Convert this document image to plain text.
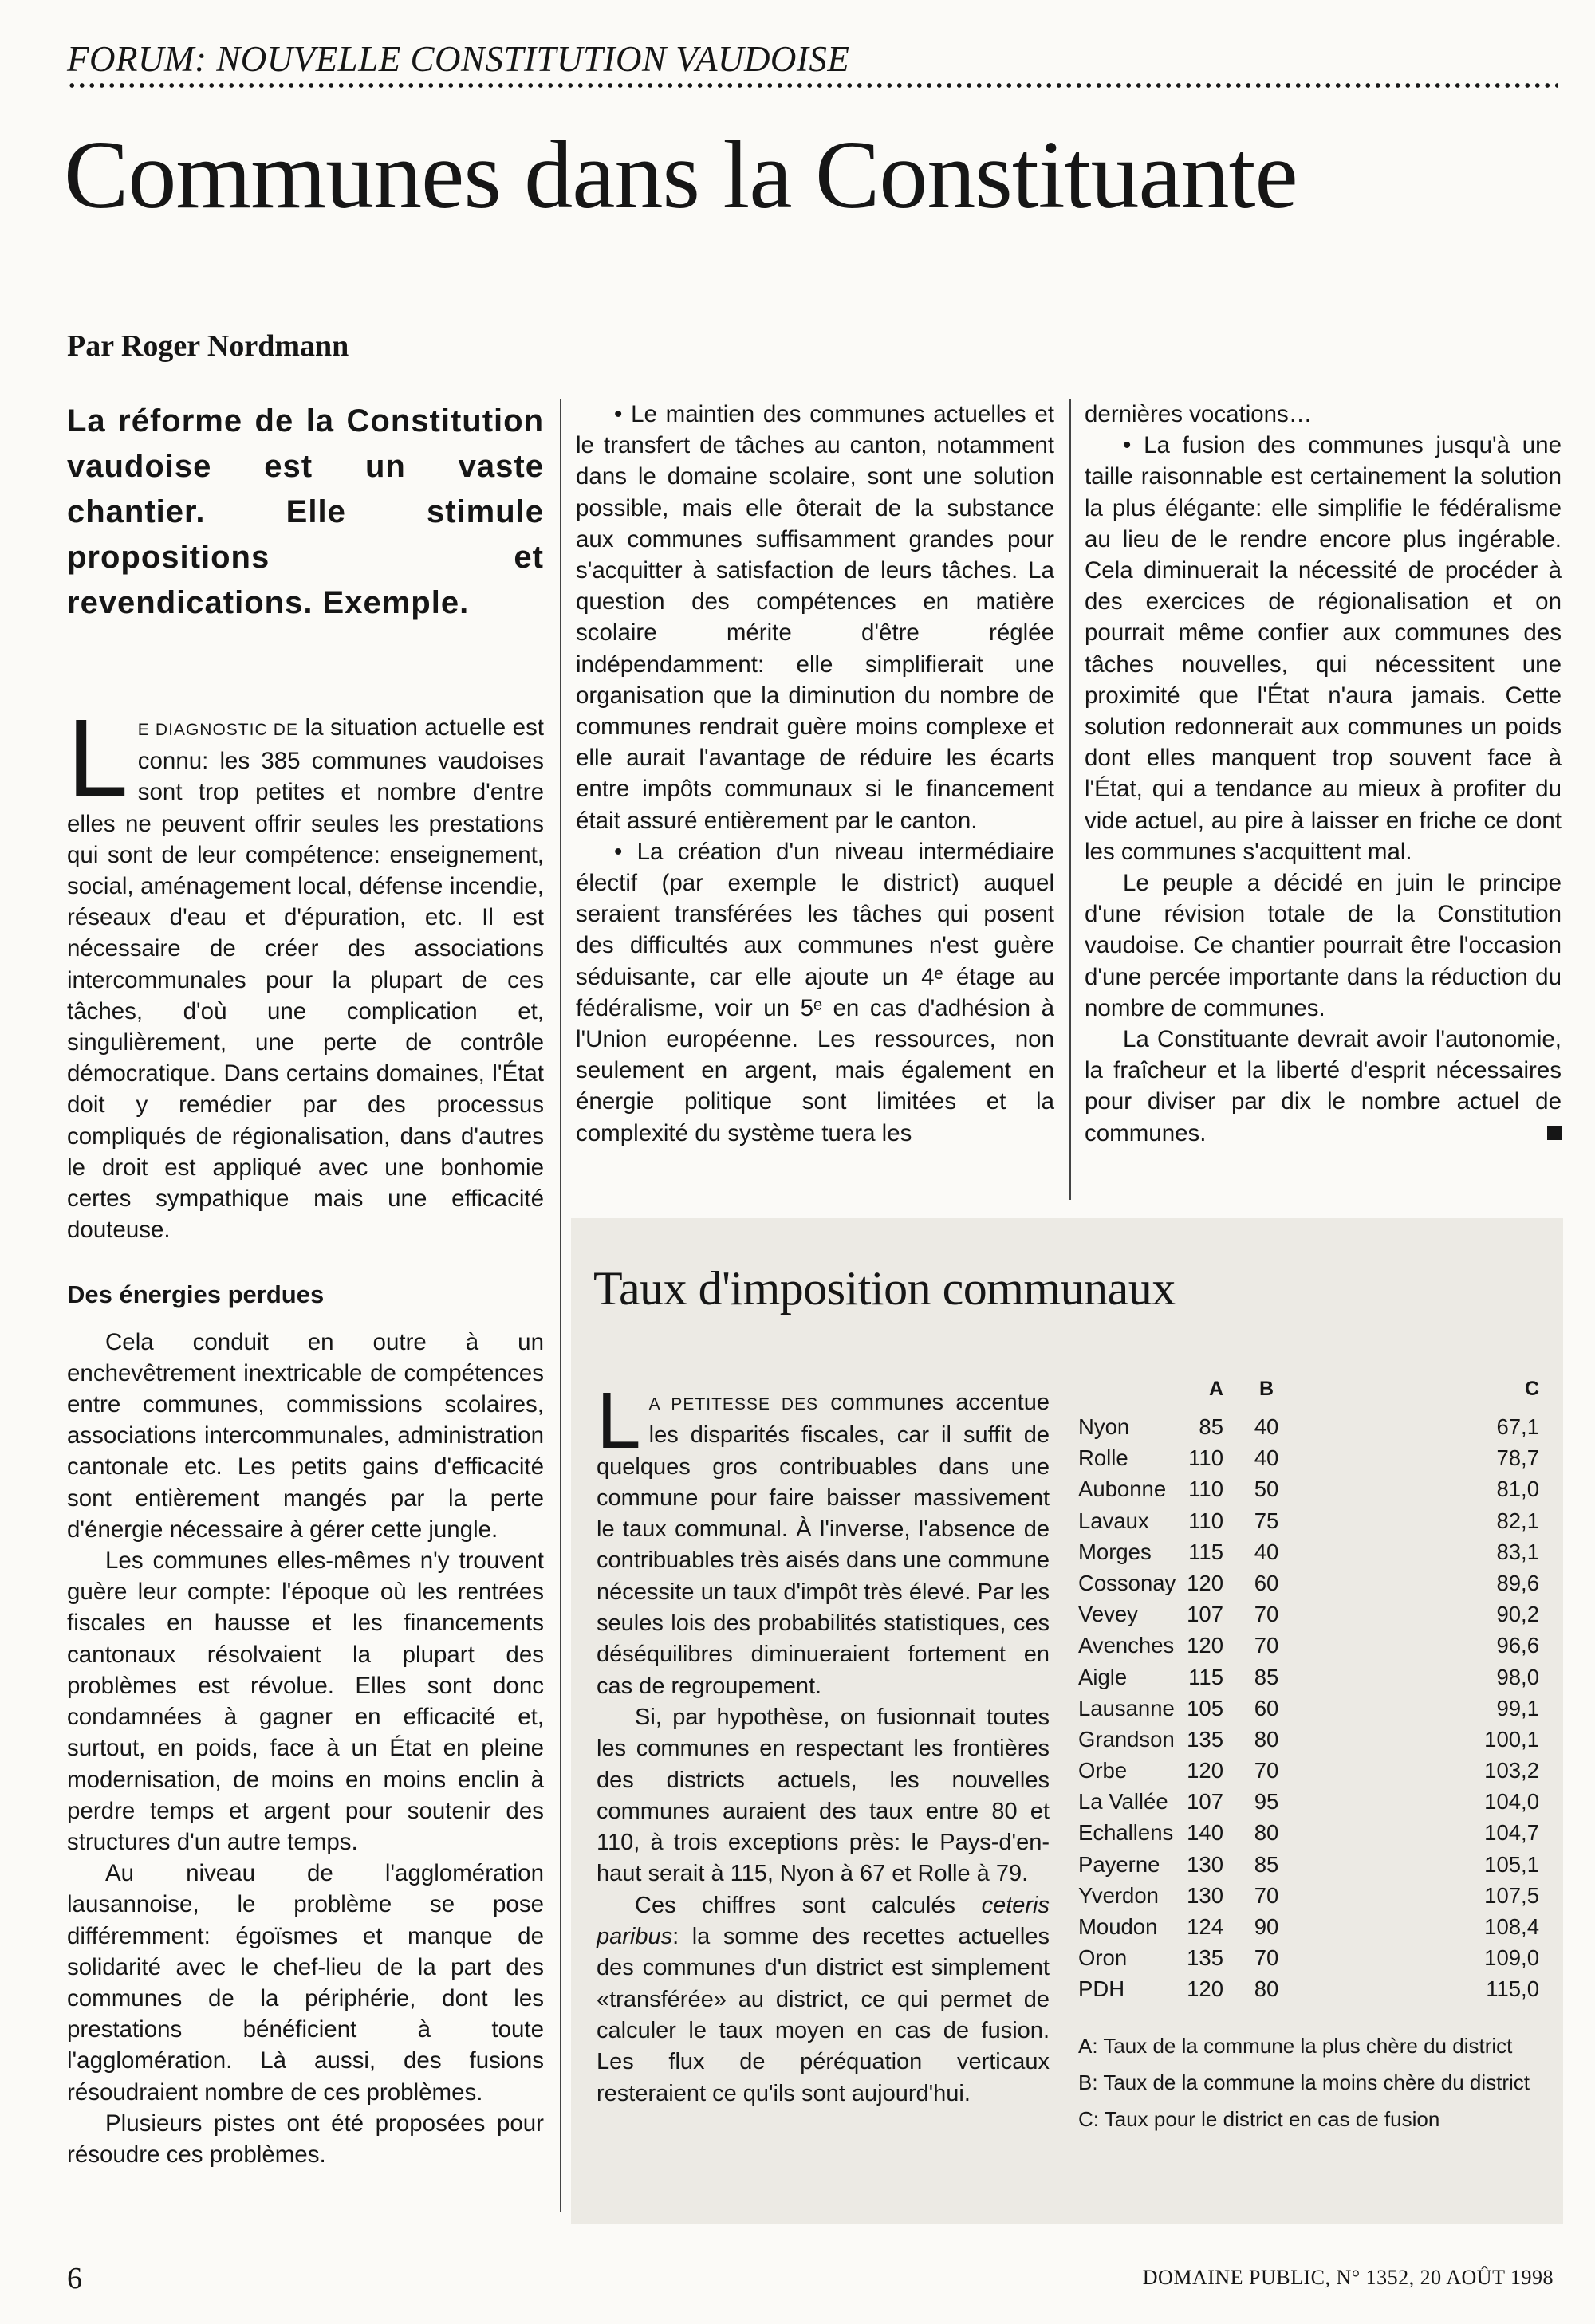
FORUM: NOUVELLE CONSTITUTION VAUDOISE
Communes dans la Constituante
Par Roger Nordmann

La réforme de la Constitution vaudoise est un vaste chantier. Elle stimule propositions et revendications. Exemple.

L E DIAGNOSTIC DE la situation actuelle est connu: les 385 communes vaudoises sont trop petites et nombre d'entre elles ne peuvent offrir seules les prestations qui sont de leur compétence: enseignement, social, aménagement local, défense incendie, réseaux d'eau et d'épuration, etc. Il est nécessaire de créer des associations intercommunales pour la plupart de ces tâches, d'où une complication et, singulièrement, une perte de contrôle démocratique. Dans certains domaines, l'État doit y remédier par des processus compliqués de régionalisation, dans d'autres le droit est appliqué avec une bonhomie certes sympathique mais une efficacité douteuse.

Des énergies perdues

Cela conduit en outre à un enchevêtrement inextricable de compétences entre communes, commissions scolaires, associations intercommunales, administration cantonale etc. Les petits gains d'efficacité sont entièrement mangés par la perte d'énergie nécessaire à gérer cette jungle.

Les communes elles-mêmes n'y trouvent guère leur compte: l'époque où les rentrées fiscales en hausse et les financements cantonaux résolvaient la plupart des problèmes est révolue. Elles sont donc condamnées à gagner en efficacité et, surtout, en poids, face à un État en pleine modernisation, de moins en moins enclin à perdre temps et argent pour soutenir des structures d'un autre temps.

Au niveau de l'agglomération lausannoise, le problème se pose différemment: égoïsmes et manque de solidarité avec le chef-lieu de la part des communes de la périphérie, dont les prestations bénéficient à toute l'agglomération. Là aussi, des fusions résoudraient nombre de ces problèmes.

Plusieurs pistes ont été proposées pour résoudre ces problèmes.

• Le maintien des communes actuelles et le transfert de tâches au canton, notamment dans le domaine scolaire, sont une solution possible, mais elle ôterait de la substance aux communes suffisamment grandes pour s'acquitter à satisfaction de leurs tâches. La question des compétences en matière scolaire mérite d'être réglée indépendamment: elle simplifierait une organisation que la diminution du nombre de communes rendrait guère moins complexe et elle aurait l'avantage de réduire les écarts entre impôts communaux si le financement était assuré entièrement par le canton.

• La création d'un niveau intermédiaire électif (par exemple le district) auquel seraient transférées les tâches qui posent des difficultés aux communes n'est guère séduisante, car elle ajoute un 4ᵉ étage au fédéralisme, voir un 5ᵉ en cas d'adhésion à l'Union européenne. Les ressources, non seulement en argent, mais également en énergie politique sont limitées et la complexité du système tuera les

dernières vocations…

• La fusion des communes jusqu'à une taille raisonnable est certainement la solution la plus élégante: elle simplifie le fédéralisme au lieu de le rendre encore plus ingérable. Cela diminuerait la nécessité de procéder à des exercices de régionalisation et on pourrait même confier aux communes des tâches nouvelles, qui nécessitent une proximité que l'État n'aura jamais. Cette solution redonnerait aux communes un poids dont elles manquent trop souvent face à l'État, qui a tendance au mieux à profiter du vide actuel, au pire à laisser en friche ce dont les communes s'acquittent mal.

Le peuple a décidé en juin le principe d'une révision totale de la Constitution vaudoise. Ce chantier pourrait être l'occasion d'une percée importante dans la réduction du nombre de communes.

La Constituante devrait avoir l'autonomie, la fraîcheur et la liberté d'esprit nécessaires pour diviser par dix le nombre actuel de communes.

Taux d'imposition communaux

L A PETITESSE DES communes accentue les disparités fiscales, car il suffit de quelques gros contribuables dans une commune pour faire baisser massivement le taux communal. À l'inverse, l'absence de contribuables très aisés dans une commune nécessite un taux d'impôt très élevé. Par les seules lois des probabilités statistiques, ces déséquilibres diminueraient fortement en cas de regroupement.

Si, par hypothèse, on fusionnait toutes les communes en respectant les frontières des districts actuels, les nouvelles communes auraient des taux entre 80 et 110, à trois exceptions près: le Pays-d'en-haut serait à 115, Nyon à 67 et Rolle à 79.

Ces chiffres sont calculés ceteris paribus: la somme des recettes actuelles des communes d'un district est simplement «transférée» au district, ce qui permet de calculer le taux moyen en cas de fusion. Les flux de péréquation verticaux resteraient ce qu'ils sont aujourd'hui.

A	B	C
Nyon	85	40	67,1
Rolle	110	40	78,7
Aubonne 110	50	81,0
Lavaux 110	75	82,1
Morges 115	40	83,1
Cossonay 120	60	89,6
Vevey 107	70	90,2
Avenches 120	70	96,6
Aigle	115	85	98,0
Lausanne 105	60	99,1
Grandson 135	80	100,1
Orbe	120	70	103,2
La Vallée 107	95	104,0
Echallens 140	80	104,7
Payerne 130	85	105,1
Yverdon 130	70	107,5
Moudon 124	90	108,4
Oron	135	70	109,0
PDH	120	80	115,0
A: Taux de la commune la plus chère du district
B: Taux de la commune la moins chère du district
C: Taux pour le district en cas de fusion
6	DOMAINE PUBLIC, N° 1352, 20 AOÛT 1998
